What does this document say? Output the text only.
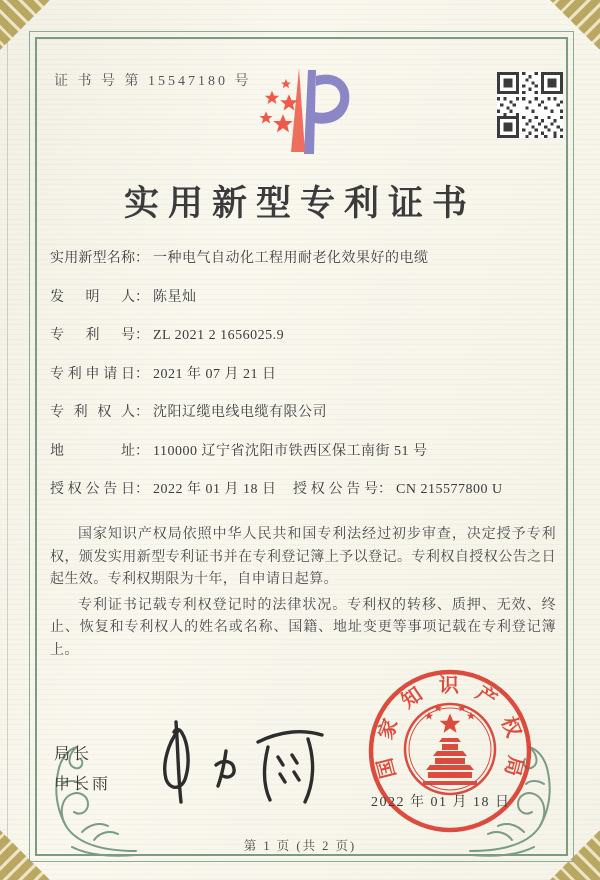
证 书 号 第 15547180 号
实用新型专利证书
实用新型名称 ： 一种电气自动化工程用耐老化效果好的电缆
发明人 ： 陈星灿
专利号 ： ZL 2021 2 1656025.9
专利申请日 ： 2021 年 07 月 21 日
专利权人 ： 沈阳辽缆电线电缆有限公司
地址 ： 110000 辽宁省沈阳市铁西区保工南街 51 号
授权公告日 ： 2022 年 01 月 18 日 授权公告号 ： CN 215577800 U

国家知识产权局依照中华人民共和国专利法经过初步审查，决定授予专利权，颁发实用新型专利证书并在专利登记簿上予以登记。专利权自授权公告之日起生效。专利权期限为十年，自申请日起算。

专利证书记载专利权登记时的法律状况。专利权的转移、质押、无效、终止、恢复和专利权人的姓名或名称、国籍、地址变更等事项记载在专利登记簿上。

局长
申长雨
国家知识产权局
2022 年 01 月 18 日
第 1 页 (共 2 页)
